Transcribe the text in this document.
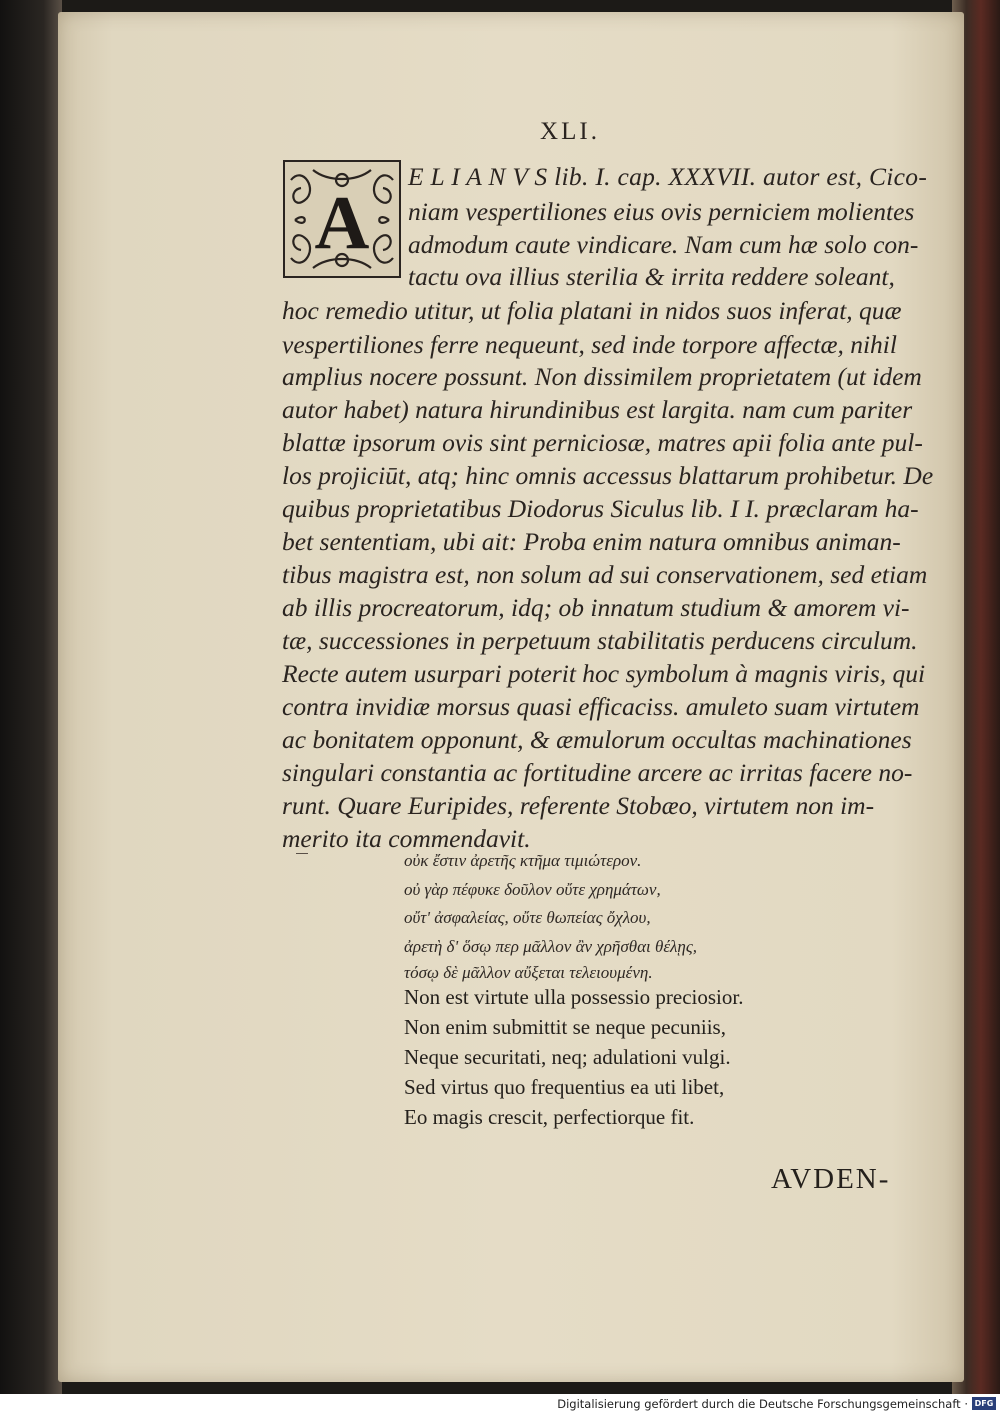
XLI.
A
E L I A N V S lib. I. cap. XXXVII. autor est, Cico-
niam vespertiliones eius ovis perniciem molientes
admodum caute vindicare. Nam cum hæ solo con-
tactu ova illius sterilia & irrita reddere soleant,
hoc remedio utitur, ut folia platani in nidos suos inferat, quæ
vespertiliones ferre nequeunt, sed inde torpore affectæ, nihil
amplius nocere possunt. Non dissimilem proprietatem (ut idem
autor habet) natura hirundinibus est largita. nam cum pariter
blattæ ipsorum ovis sint perniciosæ, matres apii folia ante pul-
los projiciūt, atq; hinc omnis accessus blattarum prohibetur. De
quibus proprietatibus Diodorus Siculus lib. I I. præclaram ha-
bet sententiam, ubi ait: Proba enim natura omnibus animan-
tibus magistra est, non solum ad sui conservationem, sed etiam
ab illis procreatorum, idq; ob innatum studium & amorem vi-
tæ, successiones in perpetuum stabilitatis perducens circulum.
Recte autem usurpari poterit hoc symbolum à magnis viris, qui
contra invidiæ morsus quasi efficaciss. amuleto suam virtutem
ac bonitatem opponunt, & æmulorum occultas machinationes
singulari constantia ac fortitudine arcere ac irritas facere no-
runt. Quare Euripides, referente Stobæo, virtutem non im-
merito ita commendavit.
οὐκ ἔστιν ἀρετῆς κτῆμα τιμιώτερον.
οὐ γὰρ πέφυκε δοῦλον οὔτε χρημάτων,
οὔτ' ἀσφαλείας, οὔτε θωπείας ὄχλου,
ἀρετὴ δ' ὅσῳ περ μᾶλλον ἂν χρῆσθαι θέλῃς,
τόσῳ δὲ μᾶλλον αὔξεται τελειουμένη.
Non est virtute ulla possessio preciosior.
Non enim submittit se neque pecuniis,
Neque securitati, neq; adulationi vulgi.
Sed virtus quo frequentius ea uti libet,
Eo magis crescit, perfectiorque fit.
AVDEN-
Digitalisierung gefördert durch die Deutsche Forschungsgemeinschaft · DFG
